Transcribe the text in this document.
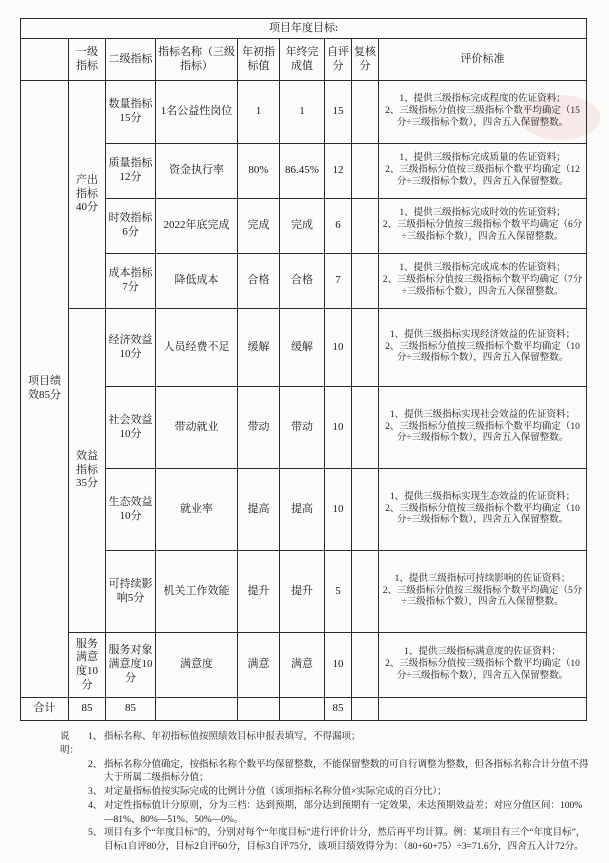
项目年度目标:								
	一级指标	二级指标	指标名称（三级指标）	年初指标值	年终完成值	自评分	复核分	评价标准
项目绩效85分	产出指标40分	数量指标15分	1名公益性岗位	1	1	15		1、提供三级指标完成程度的佐证资料；
2、三级指标分值按三级指标个数平均确定（15分÷三级指标个数），四舍五入保留整数。

		质量指标12分	资金执行率	80%	86.45%	12		1、提供三级指标完成质量的佐证资料；
2、三级指标分值按三级指标个数平均确定（12分÷三级指标个数），四舍五入保留整数。

		时效指标6分	2022年底完成	完成	完成	6		1、提供三级指标完成时效的佐证资料；
2、三级指标分值按三级指标个数平均确定（6分÷三级指标个数），四舍五入保留整数。

		成本指标7分	降低成本	合格	合格	7		1、提供三级指标完成成本的佐证资料；
2、三级指标分值按三级指标个数平均确定（7分÷三级指标个数），四舍五入保留整数。

	效益指标35分	经济效益10分	人员经费不足	缓解	缓解	10		1、提供三级指标实现经济效益的佐证资料；
2、三级指标分值按三级指标个数平均确定（10分÷三级指标个数），四舍五入保留整数。

		社会效益10分	带动就业	带动	带动	10		1、提供三级指标实现社会效益的佐证资料；
2、三级指标分值按三级指标个数平均确定（10分÷三级指标个数），四舍五入保留整数。

		生态效益10分	就业率	提高	提高	10		1、提供三级指标实现生态效益的佐证资料；
2、三级指标分值按三级指标个数平均确定（10分÷三级指标个数），四舍五入保留整数。

		可持续影响5分	机关工作效能	提升	提升	5		1、提供三级指标可持续影响的佐证资料；
2、三级指标分值按三级指标个数平均确定（5分÷三级指标个数），四舍五入保留整数。

	服务满意度10分	服务对象满意度10分	满意度	满意	满意	10		1、提供三级指标满意度的佐证资料；
2、三级指标分值按三级指标个数平均确定（10分÷三级指标个数），四舍五入保留整数。

合计	85	85				85		
说明：
1、 指标名称、年初指标值按照绩效目标申报表填写，不得漏项；
2、 指标名称分值确定，按指标名称个数平均保留整数，不能保留整数的可自行调整为整数，但各指标名称合计分值不得大于所属二级指标分值；
3、 对定量指标值按实际完成的比例计分值（该项指标名称分值×实际完成的百分比）；
4、 对定性指标值计分原则，分为三档：达到预期，部分达到预期有一定效果，未达预期效益差；对应分值区间：100%—81%、80%—51%、50%—0%。
5、 项目有多个“年度目标”的，分别对每个“年度目标”进行评价计分，然后再平均计算。例：某项目有三个“年度目标”，目标1自评80分，目标2自评60分，目标3自评75分，该项目绩效得分为：（80+60+75）÷3=71.6分，四舍五入计72分。
